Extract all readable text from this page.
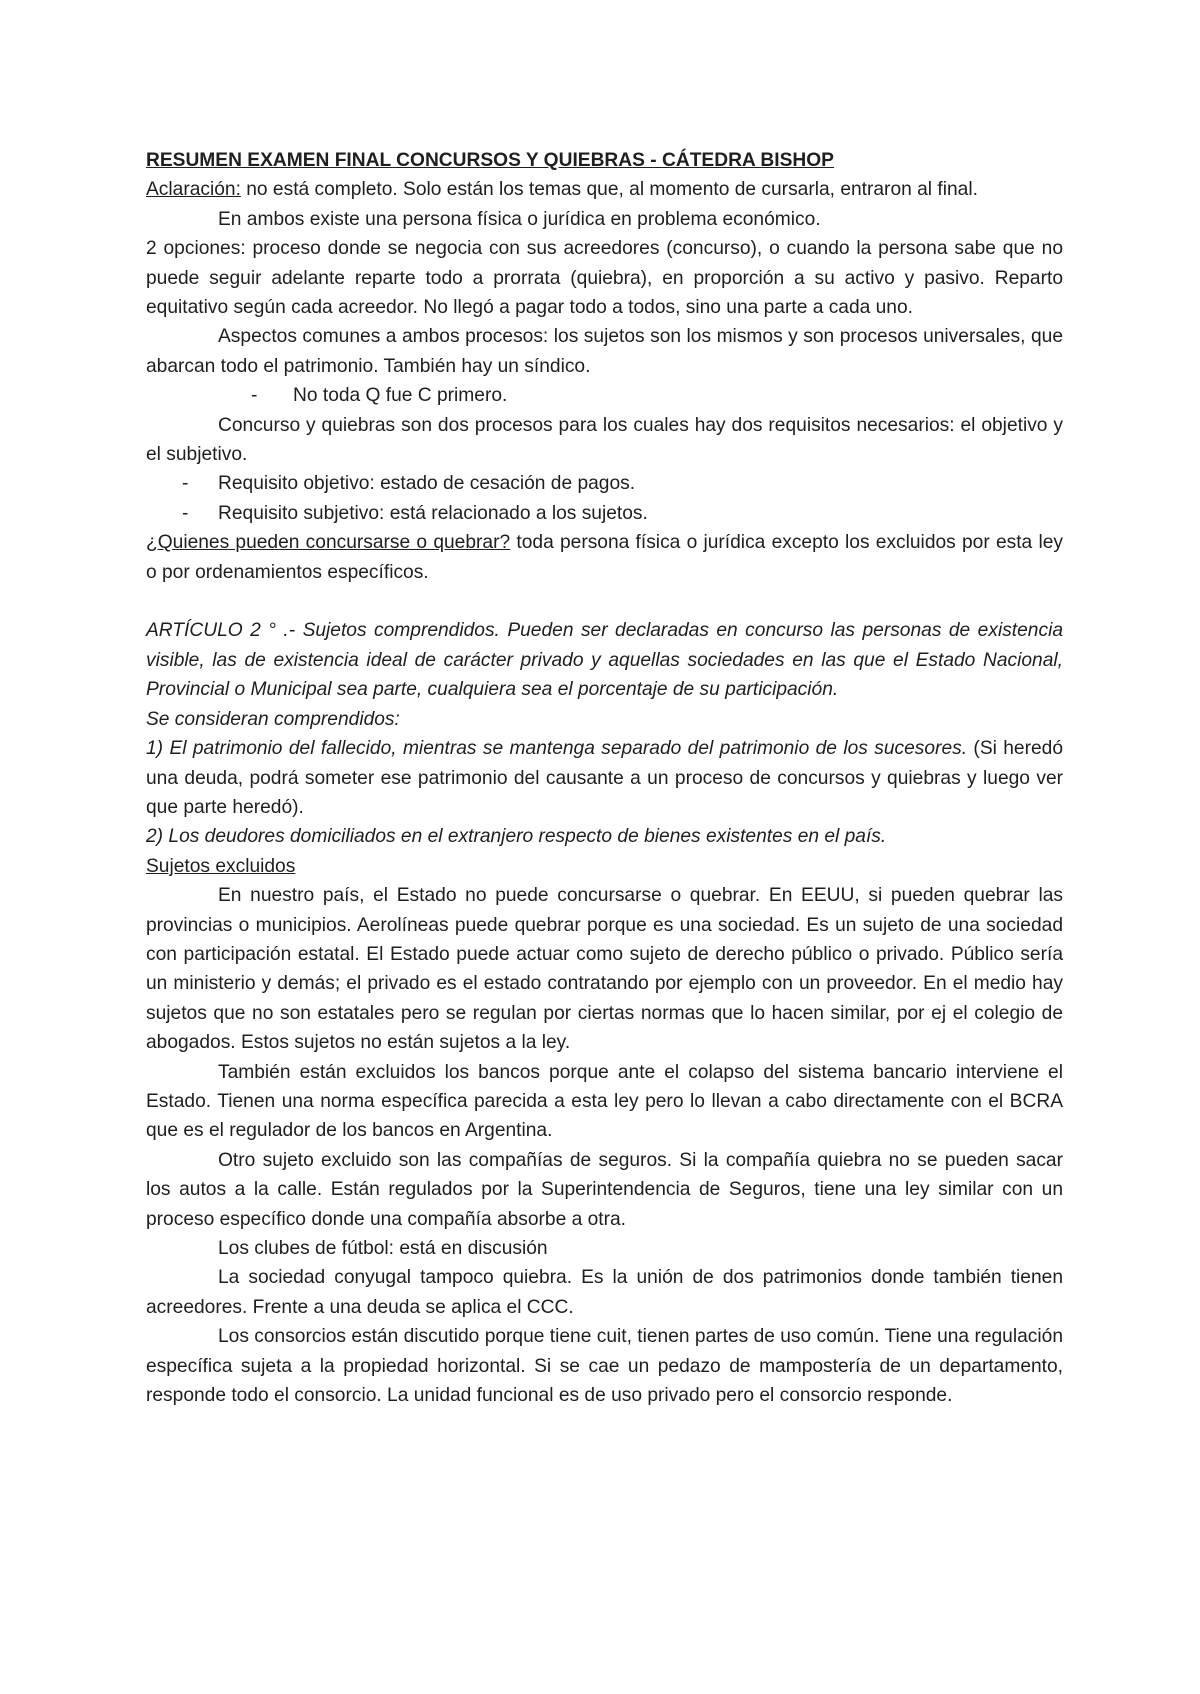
RESUMEN EXAMEN FINAL CONCURSOS Y QUIEBRAS - CÁTEDRA BISHOP

Aclaración: no está completo. Solo están los temas que, al momento de cursarla, entraron al final.

En ambos existe una persona física o jurídica en problema económico.

2 opciones: proceso donde se negocia con sus acreedores (concurso), o cuando la persona sabe que no puede seguir adelante reparte todo a prorrata (quiebra), en proporción a su activo y pasivo. Reparto equitativo según cada acreedor. No llegó a pagar todo a todos, sino una parte a cada uno.

Aspectos comunes a ambos procesos: los sujetos son los mismos y son procesos universales, que abarcan todo el patrimonio. También hay un síndico.

-	No toda Q fue C primero.

Concurso y quiebras son dos procesos para los cuales hay dos requisitos necesarios: el objetivo y el subjetivo.

-	Requisito objetivo: estado de cesación de pagos.
-	Requisito subjetivo: está relacionado a los sujetos.

¿Quienes pueden concursarse o quebrar? toda persona física o jurídica excepto los excluidos por esta ley o por ordenamientos específicos.

ARTÍCULO 2 ° .- Sujetos comprendidos. Pueden ser declaradas en concurso las personas de existencia visible, las de existencia ideal de carácter privado y aquellas sociedades en las que el Estado Nacional, Provincial o Municipal sea parte, cualquiera sea el porcentaje de su participación.

Se consideran comprendidos:

1) El patrimonio del fallecido, mientras se mantenga separado del patrimonio de los sucesores. (Si heredó una deuda, podrá someter ese patrimonio del causante a un proceso de concursos y quiebras y luego ver que parte heredó).

2) Los deudores domiciliados en el extranjero respecto de bienes existentes en el país.

Sujetos excluidos

En nuestro país, el Estado no puede concursarse o quebrar. En EEUU, si pueden quebrar las provincias o municipios. Aerolíneas puede quebrar porque es una sociedad. Es un sujeto de una sociedad con participación estatal. El Estado puede actuar como sujeto de derecho público o privado. Público sería un ministerio y demás; el privado es el estado contratando por ejemplo con un proveedor. En el medio hay sujetos que no son estatales pero se regulan por ciertas normas que lo hacen similar, por ej el colegio de abogados. Estos sujetos no están sujetos a la ley.

También están excluidos los bancos porque ante el colapso del sistema bancario interviene el Estado. Tienen una norma específica parecida a esta ley pero lo llevan a cabo directamente con el BCRA que es el regulador de los bancos en Argentina.

Otro sujeto excluido son las compañías de seguros. Si la compañía quiebra no se pueden sacar los autos a la calle. Están regulados por la Superintendencia de Seguros, tiene una ley similar con un proceso específico donde una compañía absorbe a otra.

Los clubes de fútbol: está en discusión

La sociedad conyugal tampoco quiebra. Es la unión de dos patrimonios donde también tienen acreedores. Frente a una deuda se aplica el CCC.

Los consorcios están discutido porque tiene cuit, tienen partes de uso común. Tiene una regulación específica sujeta a la propiedad horizontal. Si se cae un pedazo de mampostería de un departamento, responde todo el consorcio. La unidad funcional es de uso privado pero el consorcio responde.
